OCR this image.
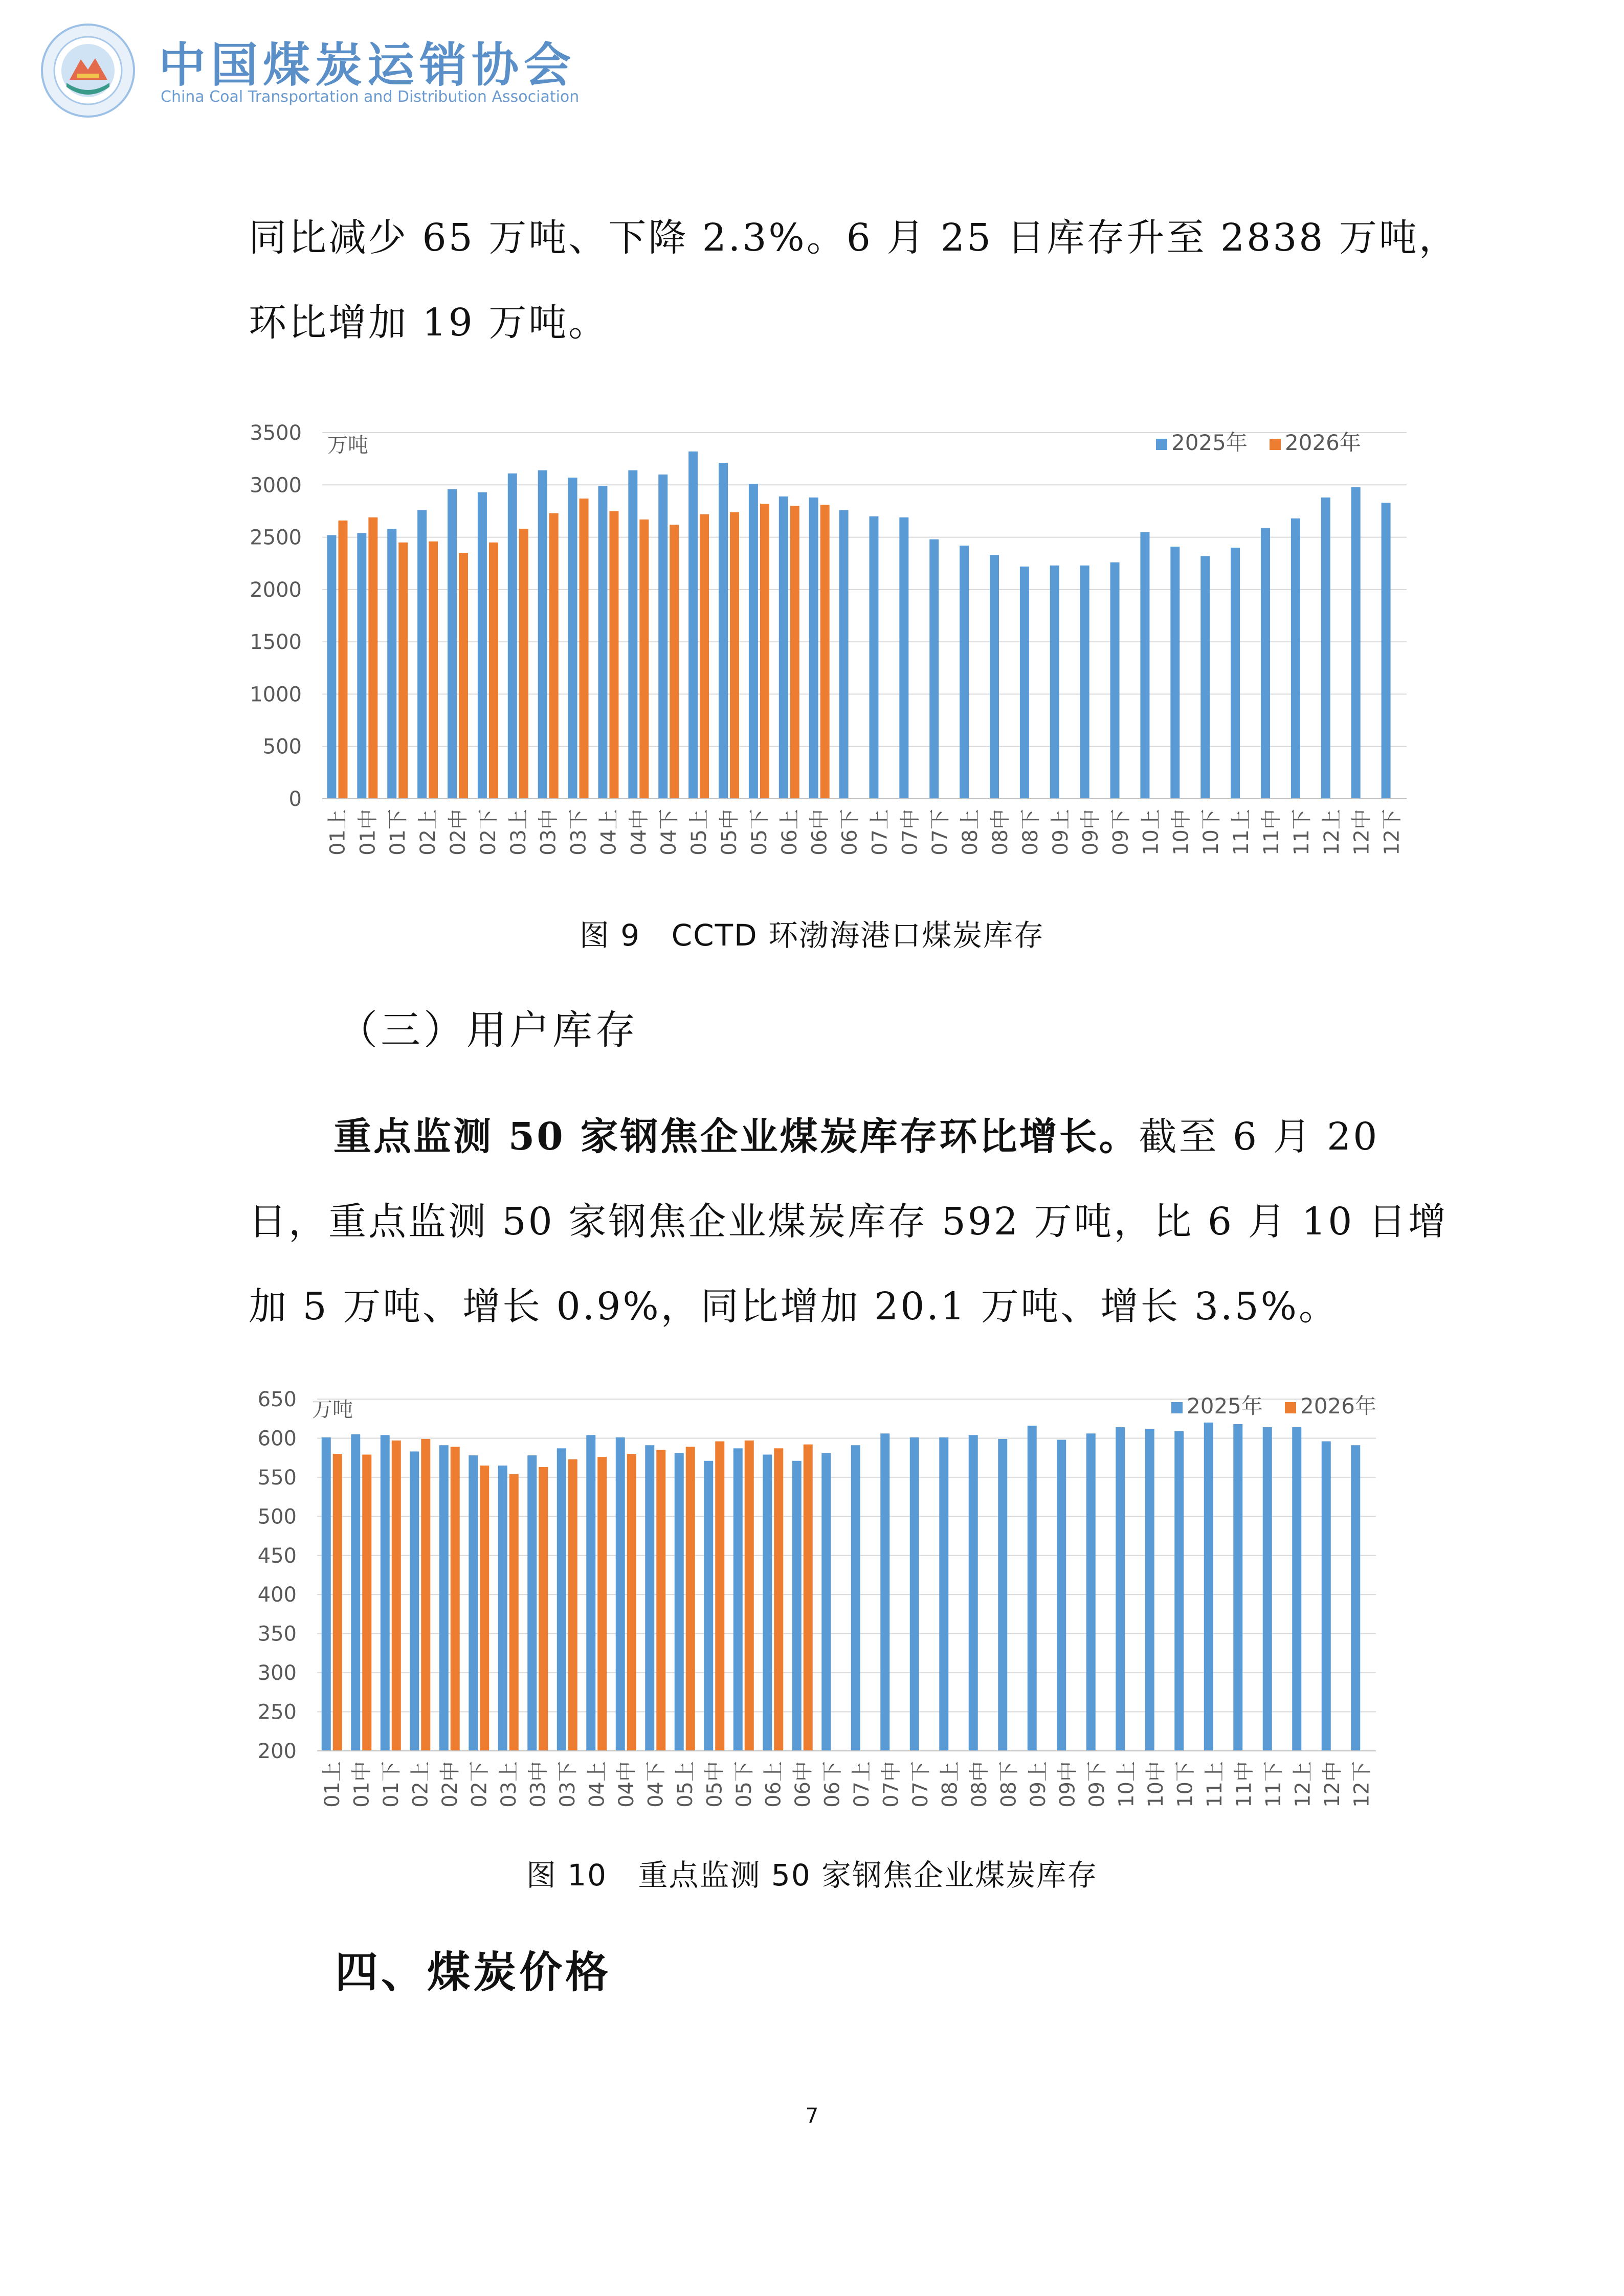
中国煤炭运销协会
China Coal Transportation and Distribution Association
同比减少 65 万吨、下降 2.3%。6 月 25 日库存升至 2838 万吨，
环比增加 19 万吨。
0
500
1000
1500
2000
2500
3000
3500
万吨
01上 01中 01下 02上 02中 02下 03上 03中 03下 04上 04中 04下 05上 05中 05下 06上 06中 06下 07上 07中 07下 08上 08中 08下 09上 09中 09下 10上 10中 10下 11上 11中 11下 12上 12中 12下
2025年 2026年
图 9 CCTD 环渤海港口煤炭库存
（三）用户库存
重点监测 50 家钢焦企业煤炭库存环比增长。截至 6 月 20
日，重点监测 50 家钢焦企业煤炭库存 592 万吨，比 6 月 10 日增
加 5 万吨、增长 0.9%，同比增加 20.1 万吨、增长 3.5%。
200
250
300
350
400
450
500
550
600
650 万吨
01上 01中 01下 02上 02中 02下 03上 03中 03下 04上 04中 04下 05上 05中 05下 06上 06中 06下 07上 07中 07下 08上 08中 08下 09上 09中 09下 10上 10中 10下 11上 11中 11下 12上 12中 12下
2025年 2026年
图 10 重点监测 50 家钢焦企业煤炭库存
四、煤炭价格
7
